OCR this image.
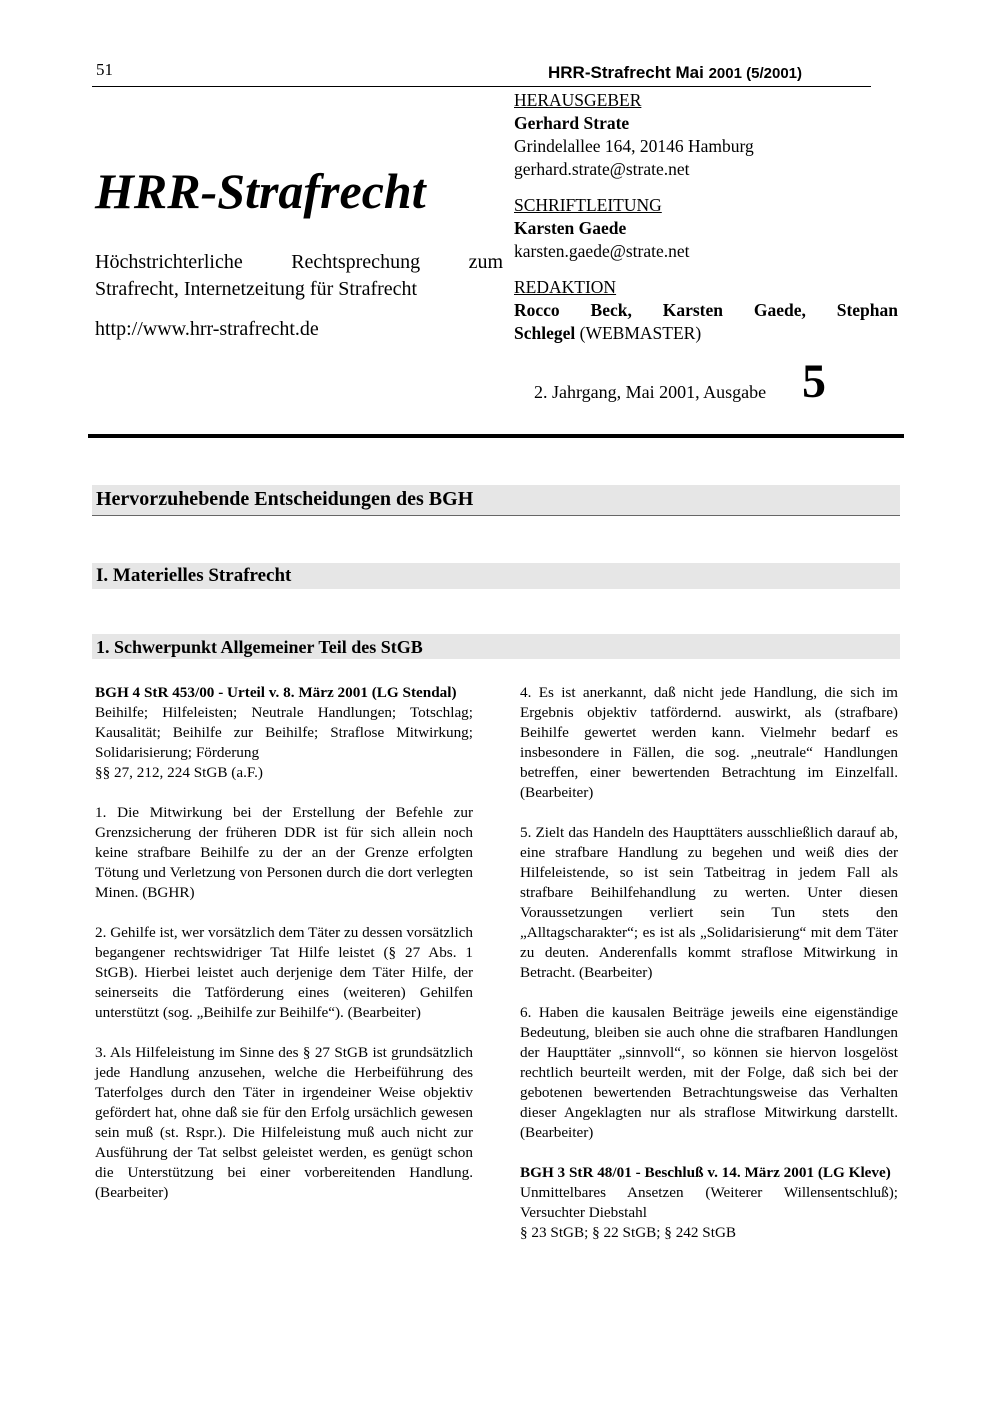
51	HRR-Strafrecht Mai 2001 (5/2001)
HRR-Strafrecht
Höchstrichterliche Rechtsprechung zum Strafrecht, Internetzeitung für Strafrecht
http://www.hrr-strafrecht.de
HERAUSGEBER
Gerhard Strate
Grindelallee 164, 20146 Hamburg
gerhard.strate@strate.net
SCHRIFTLEITUNG
Karsten Gaede
karsten.gaede@strate.net
REDAKTION
Rocco Beck, Karsten Gaede, Stephan
Schlegel (WEBMASTER)
2. Jahrgang, Mai 2001, Ausgabe 5
Hervorzuhebende Entscheidungen des BGH
I. Materielles Strafrecht
1. Schwerpunkt Allgemeiner Teil des StGB

BGH 4 StR 453/00 - Urteil v. 8. März 2001 (LG Stendal)
Beihilfe; Hilfeleisten; Neutrale Handlungen; Totschlag; Kausalität; Beihilfe zur Beihilfe; Straflose Mitwirkung; Solidarisierung; Förderung
§§ 27, 212, 224 StGB (a.F.)

1. Die Mitwirkung bei der Erstellung der Befehle zur Grenzsicherung der früheren DDR ist für sich allein noch keine strafbare Beihilfe zu der an der Grenze erfolgten Tötung und Verletzung von Personen durch die dort verlegten Minen. (BGHR)

2. Gehilfe ist, wer vorsätzlich dem Täter zu dessen vorsätzlich begangener rechtswidriger Tat Hilfe leistet (§ 27 Abs. 1 StGB). Hierbei leistet auch derjenige dem Täter Hilfe, der seinerseits die Tatförderung eines (weiteren) Gehilfen unterstützt (sog. „Beihilfe zur Beihilfe“). (Bearbeiter)

3. Als Hilfeleistung im Sinne des § 27 StGB ist grundsätzlich jede Handlung anzusehen, welche die Herbeiführung des Taterfolges durch den Täter in irgendeiner Weise objektiv gefördert hat, ohne daß sie für den Erfolg ursächlich gewesen sein muß (st. Rspr.). Die Hilfeleistung muß auch nicht zur Ausführung der Tat selbst geleistet werden, es genügt schon die Unterstützung bei einer vorbereitenden Handlung. (Bearbeiter)

4. Es ist anerkannt, daß nicht jede Handlung, die sich im Ergebnis objektiv tatfördernd. auswirkt, als (strafbare) Beihilfe gewertet werden kann. Vielmehr bedarf es insbesondere in Fällen, die sog. „neutrale“ Handlungen betreffen, einer bewertenden Betrachtung im Einzelfall. (Bearbeiter)

5. Zielt das Handeln des Haupttäters ausschließlich darauf ab, eine strafbare Handlung zu begehen und weiß dies der Hilfeleistende, so ist sein Tatbeitrag in jedem Fall als strafbare Beihilfehandlung zu werten. Unter diesen Voraussetzungen verliert sein Tun stets den „Alltagscharakter“; es ist als „Solidarisierung“ mit dem Täter zu deuten. Anderenfalls kommt straflose Mitwirkung in Betracht. (Bearbeiter)

6. Haben die kausalen Beiträge jeweils eine eigenständige Bedeutung, bleiben sie auch ohne die strafbaren Handlungen der Haupttäter „sinnvoll“, so können sie hiervon losgelöst rechtlich beurteilt werden, mit der Folge, daß sich bei der gebotenen bewertenden Betrachtungsweise das Verhalten dieser Angeklagten nur als straflose Mitwirkung darstellt. (Bearbeiter)

BGH 3 StR 48/01 - Beschluß v. 14. März 2001 (LG Kleve)
Unmittelbares Ansetzen (Weiterer Willensentschluß); Versuchter Diebstahl
§ 23 StGB; § 22 StGB; § 242 StGB
